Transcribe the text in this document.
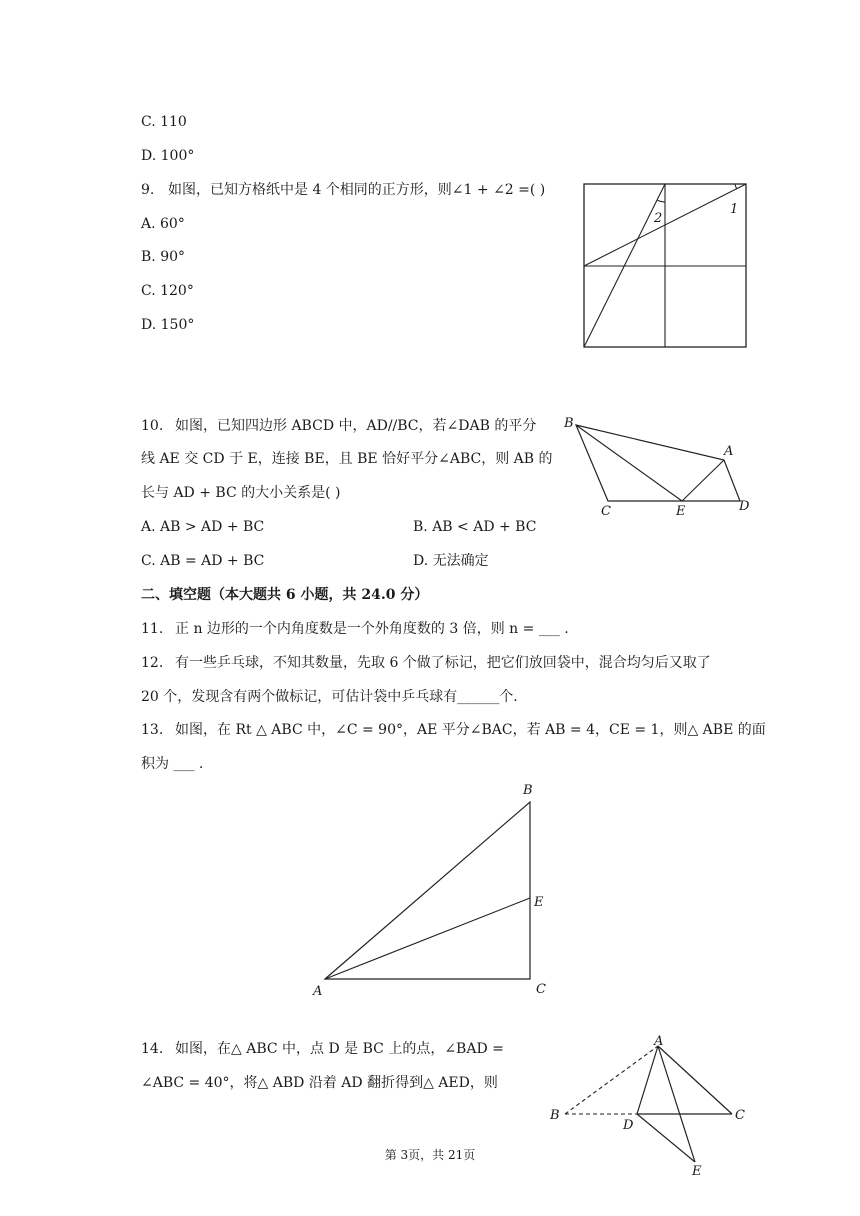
C. 110
D. 100°
9. 如图，已知方格纸中是 4 个相同的正方形，则∠1 + ∠2 =( )
A. 60°
B. 90°
C. 120°
D. 150°
1
2
10. 如图，已知四边形 ABCD 中，AD//BC，若∠DAB 的平分
线 AE 交 CD 于 E，连接 BE，且 BE 恰好平分∠ABC，则 AB 的
长与 AD + BC 的大小关系是( )
A. AB > AD + BC	B. AB < AD + BC
C. AB = AD + BC	D. 无法确定
B
A
C	E	D
二、填空题（本大题共 6 小题，共 24.0 分）
11. 正 n 边形的一个内角度数是一个外角度数的 3 倍，则 n = ___ .
12. 有一些乒乓球，不知其数量，先取 6 个做了标记，把它们放回袋中，混合均匀后又取了
20 个，发现含有两个做标记，可估计袋中乒乓球有______个.
13. 如图，在 Rt △ ABC 中，∠C = 90°，AE 平分∠BAC，若 AB = 4，CE = 1，则△ ABE 的面
积为 ___ .
B
E
A	C
14. 如图，在△ ABC 中，点 D 是 BC 上的点，∠BAD =
∠ABC = 40°，将△ ABD 沿着 AD 翻折得到△ AED，则
A
B
D
C
E
第 3页，共 21页
